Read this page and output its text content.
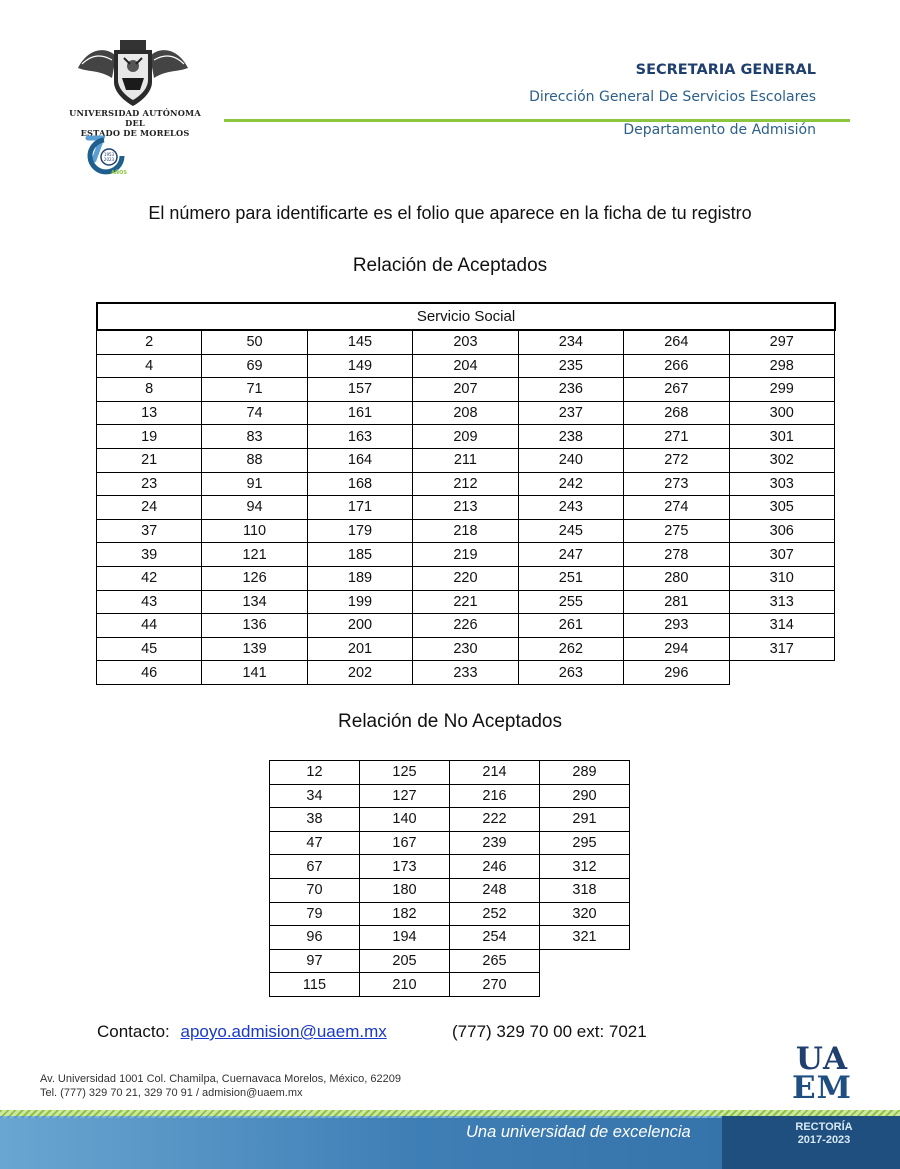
UNIVERSIDAD AUTÓNOMA DEL
ESTADO DE MORELOS
1953
2023
AÑOS
SECRETARIA GENERAL
Dirección General De Servicios Escolares
Departamento de Admisión
El número para identificarte es el folio que aparece en la ficha de tu registro
Relación de Aceptados
Servicio Social
2	50	145	203	234	264	297
4	69	149	204	235	266	298
8	71	157	207	236	267	299
13	74	161	208	237	268	300
19	83	163	209	238	271	301
21	88	164	211	240	272	302
23	91	168	212	242	273	303
24	94	171	213	243	274	305
37	110	179	218	245	275	306
39	121	185	219	247	278	307
42	126	189	220	251	280	310
43	134	199	221	255	281	313
44	136	200	226	261	293	314
45	139	201	230	262	294	317
46	141	202	233	263	296	
Relación de No Aceptados
12	125	214	289
34	127	216	290
38	140	222	291
47	167	239	295
67	173	246	312
70	180	248	318
79	182	252	320
96	194	254	321
97	205	265	
115	210	270	
Contacto: apoyo.admision@uaem.mx	(777) 329 70 00 ext: 7021
Av. Universidad 1001 Col. Chamilpa, Cuernavaca Morelos, México, 62209
Tel. (777) 329 70 21, 329 70 91 / admision@uaem.mx
UA
EM
Una universidad de excelencia	RECTORÍA
2017-2023
